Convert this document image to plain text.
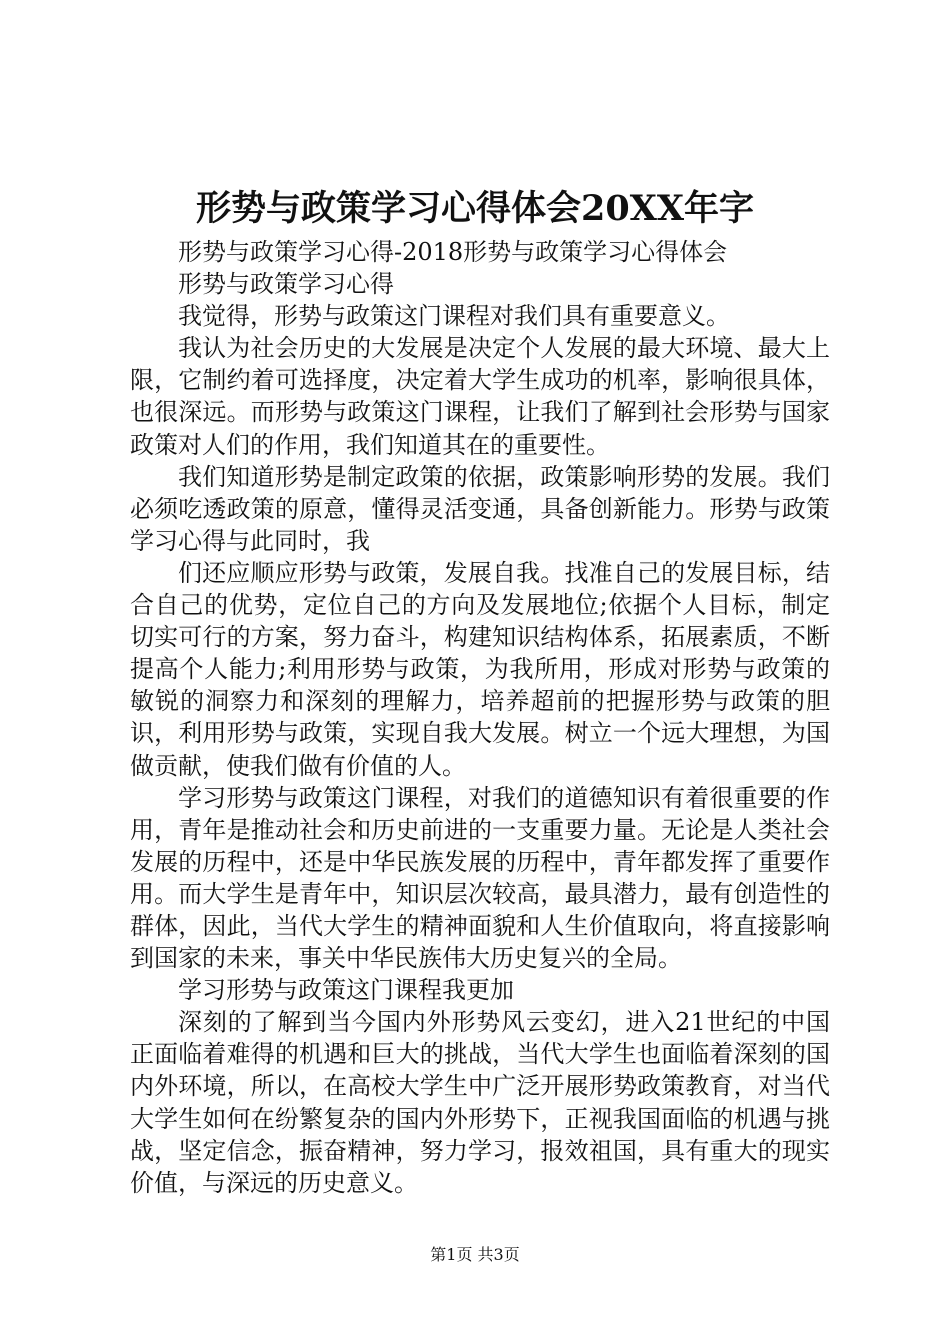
形势与政策学习心得体会20XX年字

形势与政策学习心得-2018形势与政策学习心得体会

形势与政策学习心得

我觉得，形势与政策这门课程对我们具有重要意义。

我认为社会历史的大发展是决定个人发展的最大环境、最大上限，它制约着可选择度，决定着大学生成功的机率，影响很具体，也很深远。而形势与政策这门课程，让我们了解到社会形势与国家政策对人们的作用，我们知道其在的重要性。

我们知道形势是制定政策的依据，政策影响形势的发展。我们必须吃透政策的原意，懂得灵活变通，具备创新能力。形势与政策学习心得与此同时，我

们还应顺应形势与政策，发展自我。找准自己的发展目标，结合自己的优势，定位自己的方向及发展地位;依据个人目标，制定切实可行的方案，努力奋斗，构建知识结构体系，拓展素质，不断提高个人能力;利用形势与政策，为我所用，形成对形势与政策的敏锐的洞察力和深刻的理解力，培养超前的把握形势与政策的胆识，利用形势与政策，实现自我大发展。树立一个远大理想，为国做贡献，使我们做有价值的人。

学习形势与政策这门课程，对我们的道德知识有着很重要的作用，青年是推动社会和历史前进的一支重要力量。无论是人类社会发展的历程中，还是中华民族发展的历程中，青年都发挥了重要作用。而大学生是青年中，知识层次较高，最具潜力，最有创造性的群体，因此，当代大学生的精神面貌和人生价值取向，将直接影响到国家的未来，事关中华民族伟大历史复兴的全局。

学习形势与政策这门课程我更加

深刻的了解到当今国内外形势风云变幻，进入21世纪的中国正面临着难得的机遇和巨大的挑战，当代大学生也面临着深刻的国内外环境，所以，在高校大学生中广泛开展形势政策教育，对当代大学生如何在纷繁复杂的国内外形势下，正视我国面临的机遇与挑战，坚定信念，振奋精神，努力学习，报效祖国，具有重大的现实价值，与深远的历史意义。

第1页 共3页
